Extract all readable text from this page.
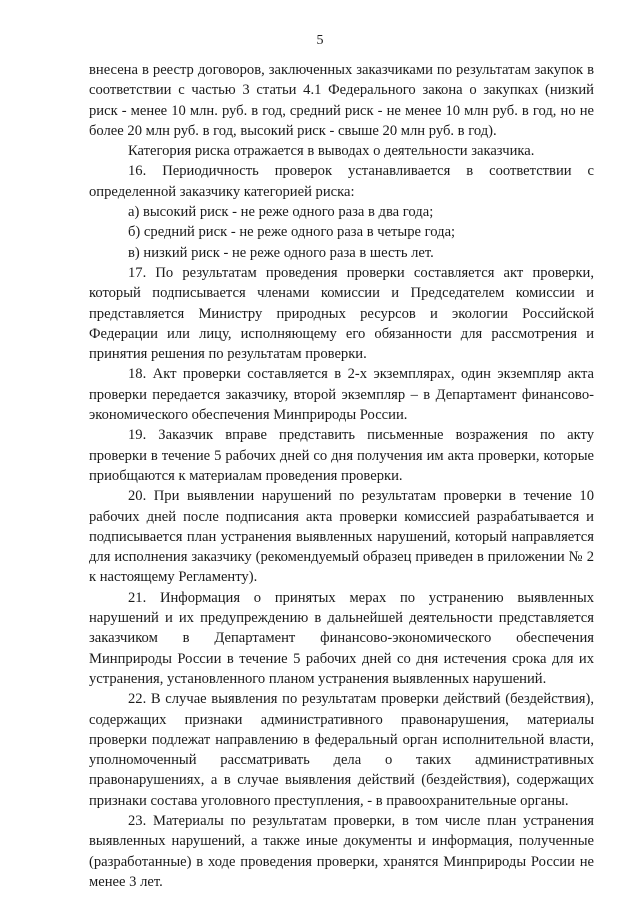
5

внесена в реестр договоров, заключенных заказчиками по результатам закупок в соответствии с частью 3 статьи 4.1 Федерального закона о закупках (низкий риск - менее 10 млн. руб. в год, средний риск - не менее 10 млн руб. в год, но не более 20 млн руб. в год, высокий риск - свыше 20 млн руб. в год).

Категория риска отражается в выводах о деятельности заказчика.

16. Периодичность проверок устанавливается в соответствии с определенной заказчику категорией риска:

а) высокий риск - не реже одного раза в два года;

б) средний риск - не реже одного раза в четыре года;

в) низкий риск - не реже одного раза в шесть лет.

17. По результатам проведения проверки составляется акт проверки, который подписывается членами комиссии и Председателем комиссии и представляется Министру природных ресурсов и экологии Российской Федерации или лицу, исполняющему его обязанности для рассмотрения и принятия решения по результатам проверки.

18. Акт проверки составляется в 2-х экземплярах, один экземпляр акта проверки передается заказчику, второй экземпляр – в Департамент финансово-экономического обеспечения Минприроды России.

19. Заказчик вправе представить письменные возражения по акту проверки в течение 5 рабочих дней со дня получения им акта проверки, которые приобщаются к материалам проведения проверки.

20. При выявлении нарушений по результатам проверки в течение 10 рабочих дней после подписания акта проверки комиссией разрабатывается и подписывается план устранения выявленных нарушений, который направляется для исполнения заказчику (рекомендуемый образец приведен в приложении № 2 к настоящему Регламенту).

21. Информация о принятых мерах по устранению выявленных нарушений и их предупреждению в дальнейшей деятельности представляется заказчиком в Департамент финансово-экономического обеспечения Минприроды России в течение 5 рабочих дней со дня истечения срока для их устранения, установленного планом устранения выявленных нарушений.

22. В случае выявления по результатам проверки действий (бездействия), содержащих признаки административного правонарушения, материалы проверки подлежат направлению в федеральный орган исполнительной власти, уполномоченный рассматривать дела о таких административных правонарушениях, а в случае выявления действий (бездействия), содержащих признаки состава уголовного преступления, - в правоохранительные органы.

23. Материалы по результатам проверки, в том числе план устранения выявленных нарушений, а также иные документы и информация, полученные (разработанные) в ходе проведения проверки, хранятся Минприроды России не менее 3 лет.
